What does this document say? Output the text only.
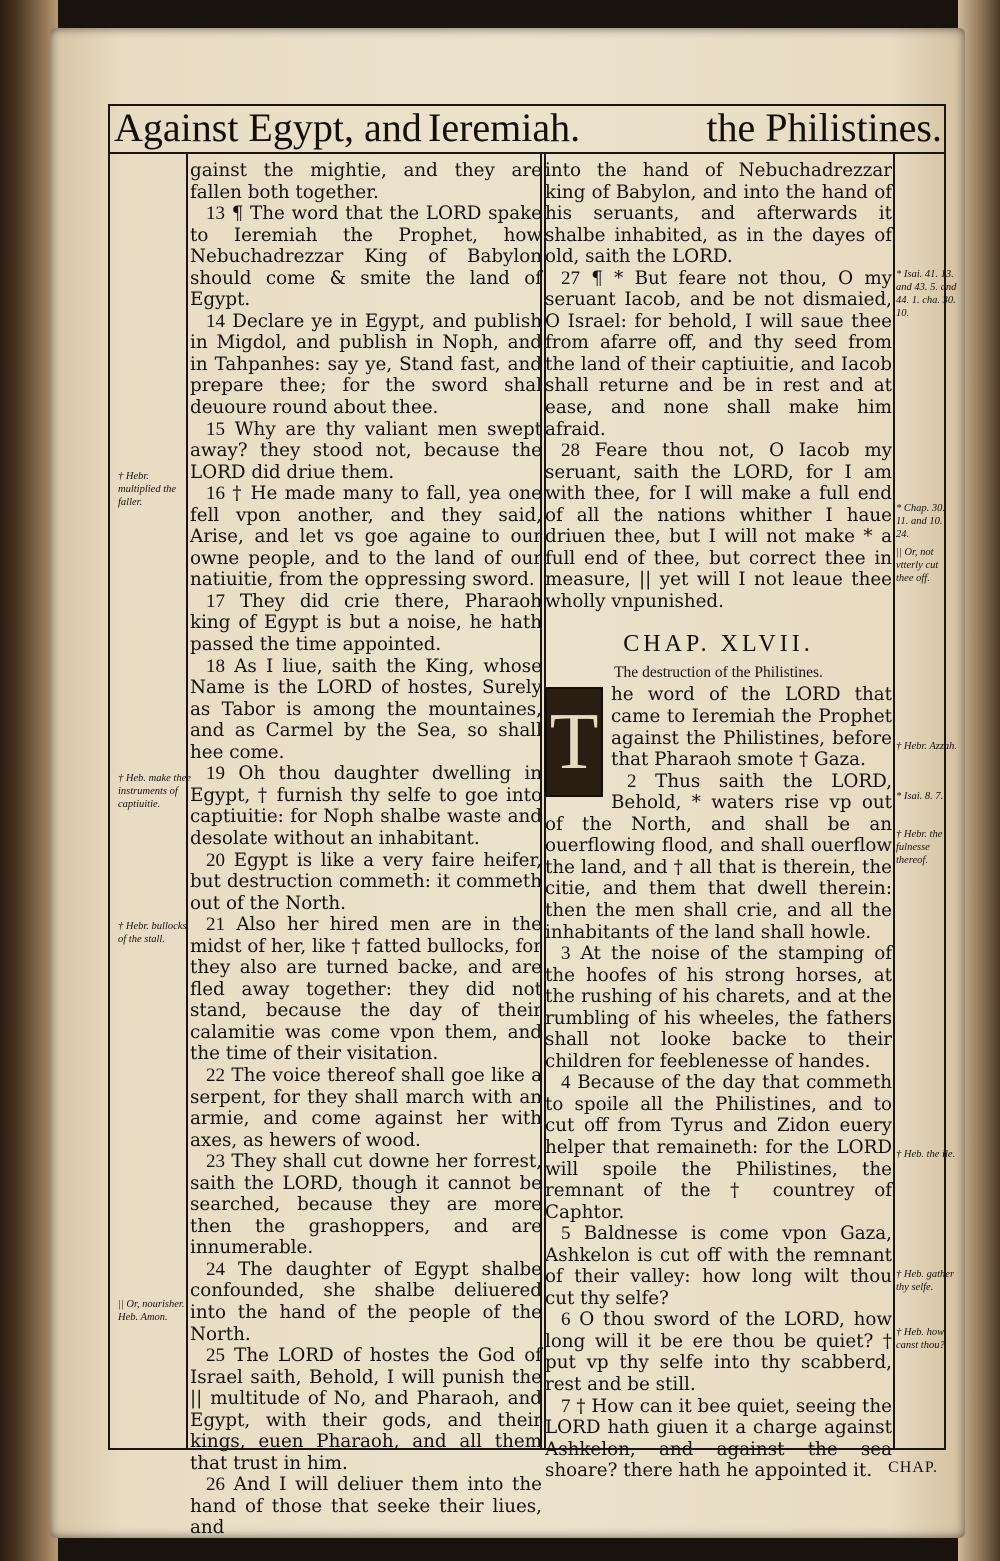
Against Egypt, and Ieremiah.	the Philistines.

gainst the mightie, and they are fallen both together.

13 ¶ The word that the LORD spake to Ieremiah the Prophet, how Nebuchadrezzar King of Babylon should come & smite the land of Egypt.

14 Declare ye in Egypt, and publish in Migdol, and publish in Noph, and in Tahpanhes: say ye, Stand fast, and prepare thee; for the sword shal deuoure round about thee.

15 Why are thy valiant men swept away? they stood not, because the LORD did driue them.

16 † He made many to fall, yea one fell vpon another, and they said, Arise, and let vs goe againe to our owne people, and to the land of our natiuitie, from the oppressing sword.

17 They did crie there, Pharaoh king of Egypt is but a noise, he hath passed the time appointed.

18 As I liue, saith the King, whose Name is the LORD of hostes, Surely as Tabor is among the mountaines, and as Carmel by the Sea, so shall hee come.

19 Oh thou daughter dwelling in Egypt, † furnish thy selfe to goe into captiuitie: for Noph shalbe waste and desolate without an inhabitant.

20 Egypt is like a very faire heifer, but destruction commeth: it commeth out of the North.

21 Also her hired men are in the midst of her, like † fatted bullocks, for they also are turned backe, and are fled away together: they did not stand, because the day of their calamitie was come vpon them, and the time of their visitation.

22 The voice thereof shall goe like a serpent, for they shall march with an armie, and come against her with axes, as hewers of wood.

23 They shall cut downe her forrest, saith the LORD, though it cannot be searched, because they are more then the grashoppers, and are innumerable.

24 The daughter of Egypt shalbe confounded, she shalbe deliuered into the hand of the people of the North.

25 The LORD of hostes the God of Israel saith, Behold, I will punish the || multitude of No, and Pharaoh, and Egypt, with their gods, and their kings, euen Pharaoh, and all them that trust in him.

26 And I will deliuer them into the hand of those that seeke their liues, and

into the hand of Nebuchadrezzar king of Babylon, and into the hand of his seruants, and afterwards it shalbe inhabited, as in the dayes of old, saith the LORD.

27 ¶ * But feare not thou, O my seruant Iacob, and be not dismaied, O Israel: for behold, I will saue thee from afarre off, and thy seed from the land of their captiuitie, and Iacob shall returne and be in rest and at ease, and none shall make him afraid.

28 Feare thou not, O Iacob my seruant, saith the LORD, for I am with thee, for I will make a full end of all the nations whither I haue driuen thee, but I will not make * a full end of thee, but correct thee in measure, || yet will I not leaue thee wholly vnpunished.

CHAP. XLVII.
The destruction of the Philistines.

T
he word of the LORD that came to Ieremiah the Prophet against the Philistines, before that Pharaoh smote † Gaza.

2 Thus saith the LORD, Behold, * waters rise vp out of the North, and shall be an ouerflowing flood, and shall ouerflow the land, and † all that is therein, the citie, and them that dwell therein: then the men shall crie, and all the inhabitants of the land shall howle.

3 At the noise of the stamping of the hoofes of his strong horses, at the rushing of his charets, and at the rumbling of his wheeles, the fathers shall not looke backe to their children for feeblenesse of handes.

4 Because of the day that commeth to spoile all the Philistines, and to cut off from Tyrus and Zidon euery helper that remaineth: for the LORD will spoile the Philistines, the remnant of the † countrey of Caphtor.

5 Baldnesse is come vpon Gaza, Ashkelon is cut off with the remnant of their valley: how long wilt thou cut thy selfe?

6 O thou sword of the LORD, how long will it be ere thou be quiet? † put vp thy selfe into thy scabberd, rest and be still.

7 † How can it bee quiet, seeing the LORD hath giuen it a charge against Ashkelon, and against the sea shoare? there hath he appointed it. CHAP.
† Hebr. multiplied the faller.
† Heb. make thee instruments of captiuitie.
† Hebr. bullocks of the stall.
|| Or, nourisher. Heb. Amon.
* Isai. 41. 13. and 43. 5. and 44. 1. cha. 30. 10.
* Chap. 30. 11. and 10. 24.
|| Or, not vtterly cut thee off.
† Hebr. Azzah.
* Isai. 8. 7.
† Hebr. the fulnesse thereof.
† Heb. the ile.
† Heb. gather thy selfe.
† Heb. how canst thou?
